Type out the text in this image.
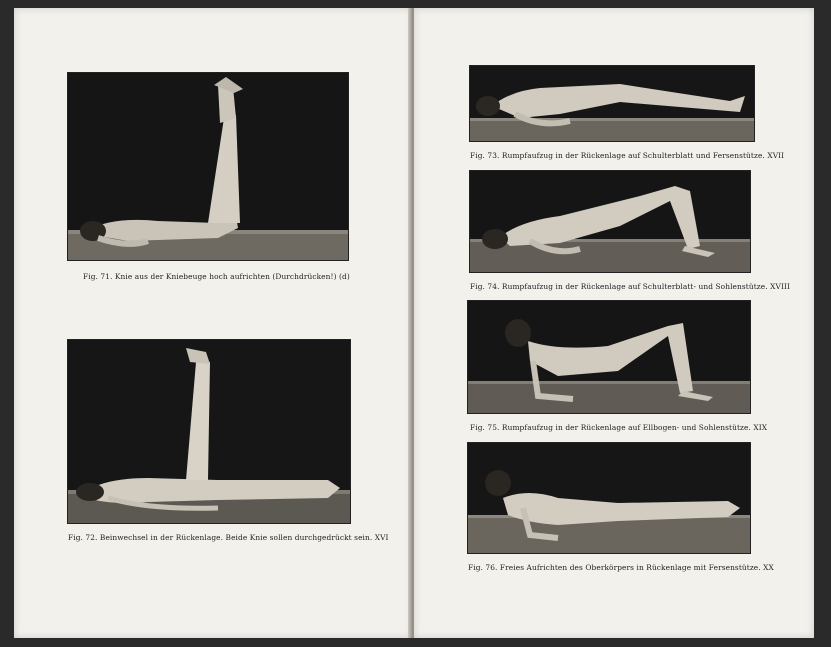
Fig. 71. Knie aus der Kniebeuge hoch aufrichten (Durchdrücken!) (d)
Fig. 72. Beinwechsel in der Rückenlage. Beide Knie sollen durchgedrückt sein. XVI
Fig. 73. Rumpfaufzug in der Rückenlage auf Schulterblatt und Fersenstütze. XVII
Fig. 74. Rumpfaufzug in der Rückenlage auf Schulterblatt- und Sohlenstütze. XVIII
Fig. 75. Rumpfaufzug in der Rückenlage auf Ellbogen- und Sohlenstütze. XIX
Fig. 76. Freies Aufrichten des Oberkörpers in Rückenlage mit Fersenstütze. XX
